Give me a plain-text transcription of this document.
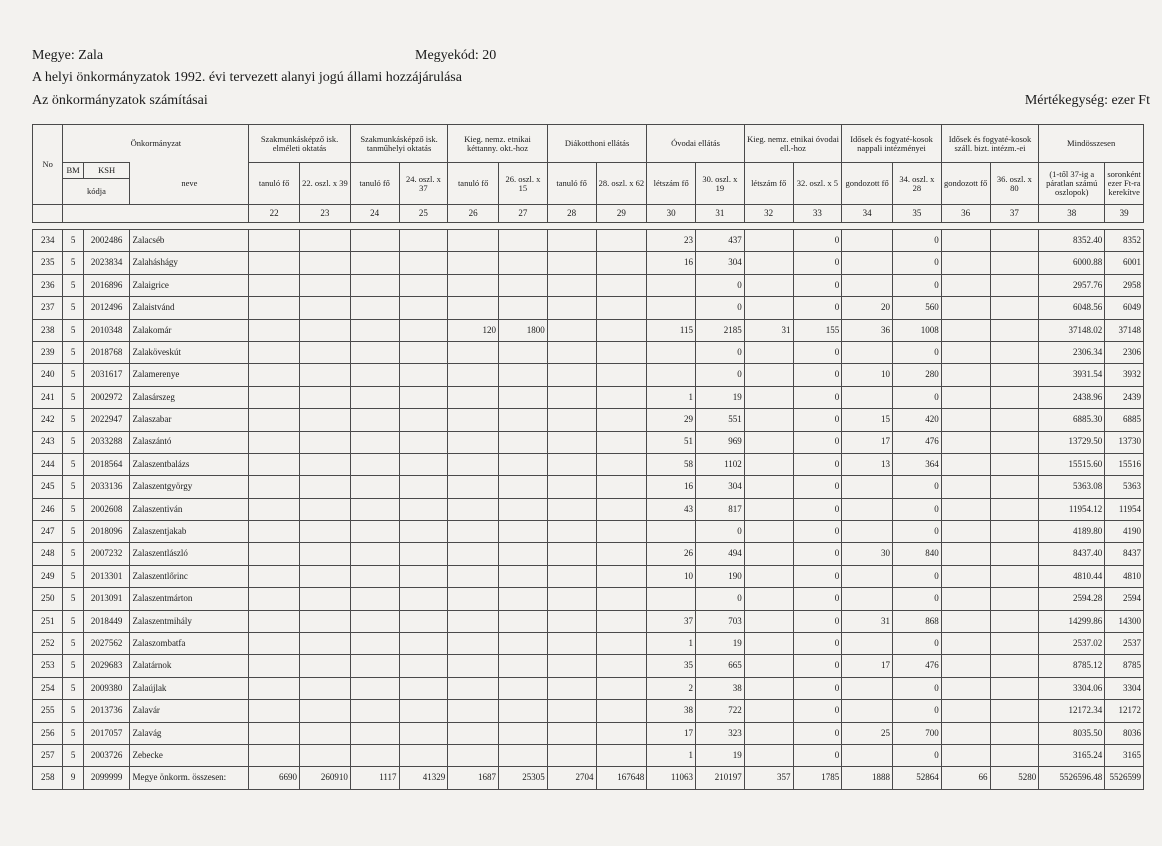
Megye: Zala	Megyekód: 20
A helyi önkormányzatok 1992. évi tervezett alanyi jogú állami hozzájárulása
Az önkormányzatok számításai	Mértékegység: ezer Ft
No	Önkormányzat			Szakmunkásképző isk. elméleti oktatás		Szakmunkásképző isk. tanműhelyi oktatás		Kieg. nemz. etnikai kéttanny. okt.-hoz		Diákotthoni ellátás		Óvodai ellátás		Kieg. nemz. etnikai óvodai ell.-hoz		Idősek és fogyaté-kosok nappali intézményei		Idősek és fogyaté-kosok száll. bizt. intézm.-ei		Mindösszesen	
	BM	KSH	neve	tanuló fő	22. oszl. x 39	tanuló fő	24. oszl. x 37	tanuló fő	26. oszl. x 15	tanuló fő	28. oszl. x 62	létszám fő	30. oszl. x 19	létszám fő	32. oszl. x 5	gondozott fő	34. oszl. x 28	gondozott fő	36. oszl. x 80	(1-től 37-ig a páratlan számú oszlopok)	soronként ezer Ft-ra kerekítve
	kódja																				
				22	23	24	25	26	27	28	29	30	31	32	33	34	35	36	37	38	39

234	5	2002486	Zalacséb									23	437		0		0			8352.40	8352
235	5	2023834	Zalaháshágy									16	304		0		0			6000.88	6001
236	5	2016896	Zalaigrice										0		0		0			2957.76	2958
237	5	2012496	Zalaistvánd										0		0	20	560			6048.56	6049
238	5	2010348	Zalakomár					120	1800			115	2185	31	155	36	1008			37148.02	37148
239	5	2018768	Zalaköveskút										0		0		0			2306.34	2306
240	5	2031617	Zalamerenye										0		0	10	280			3931.54	3932
241	5	2002972	Zalasárszeg									1	19		0		0			2438.96	2439
242	5	2022947	Zalaszabar									29	551		0	15	420			6885.30	6885
243	5	2033288	Zalaszántó									51	969		0	17	476			13729.50	13730
244	5	2018564	Zalaszentbalázs									58	1102		0	13	364			15515.60	15516
245	5	2033136	Zalaszentgyörgy									16	304		0		0			5363.08	5363
246	5	2002608	Zalaszentiván									43	817		0		0			11954.12	11954
247	5	2018096	Zalaszentjakab										0		0		0			4189.80	4190
248	5	2007232	Zalaszentlászló									26	494		0	30	840			8437.40	8437
249	5	2013301	Zalaszentlőrinc									10	190		0		0			4810.44	4810
250	5	2013091	Zalaszentmárton										0		0		0			2594.28	2594
251	5	2018449	Zalaszentmihály									37	703		0	31	868			14299.86	14300
252	5	2027562	Zalaszombatfa									1	19		0		0			2537.02	2537
253	5	2029683	Zalatárnok									35	665		0	17	476			8785.12	8785
254	5	2009380	Zalaújlak									2	38		0		0			3304.06	3304
255	5	2013736	Zalavár									38	722		0		0			12172.34	12172
256	5	2017057	Zalavág									17	323		0	25	700			8035.50	8036
257	5	2003726	Zebecke									1	19		0		0			3165.24	3165
258	9	2099999	Megye önkorm. összesen:	6690	260910	1117	41329	1687	25305	2704	167648	11063	210197	357	1785	1888	52864	66	5280	5526596.48	5526599
